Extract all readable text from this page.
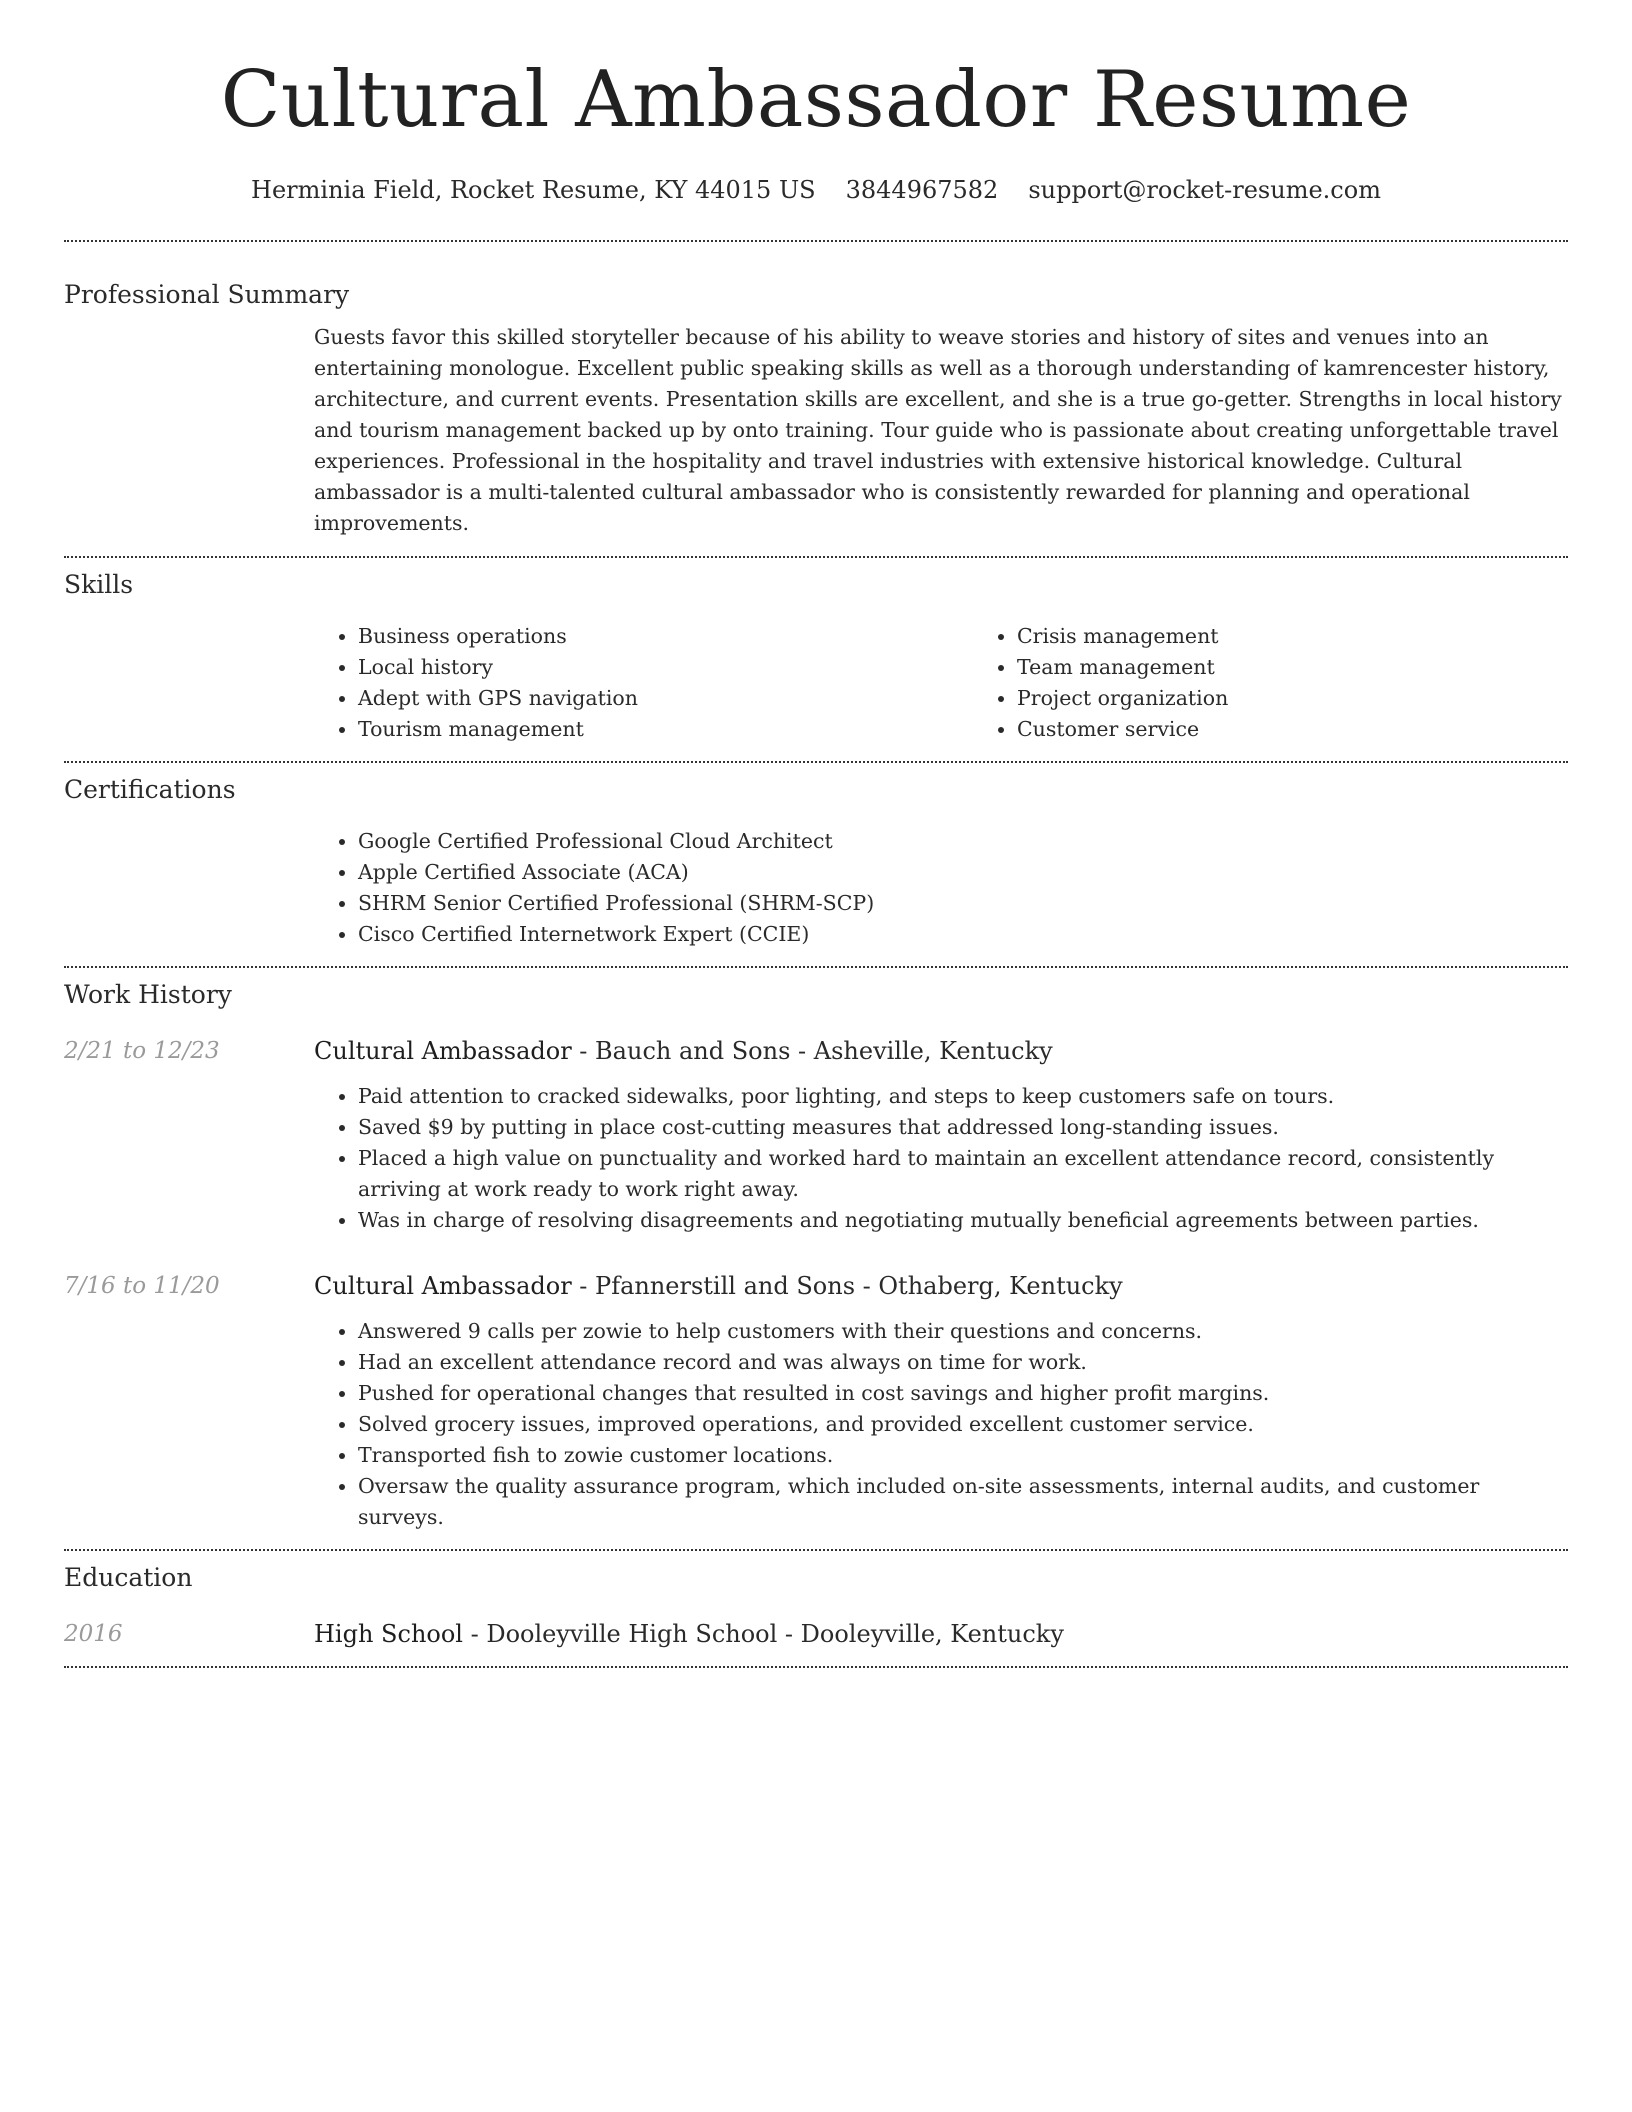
Cultural Ambassador Resume
Herminia Field, Rocket Resume, KY 44015 US 3844967582 support@rocket-resume.com
Professional Summary

Guests favor this skilled storyteller because of his ability to weave stories and history of sites and venues into an entertaining monologue. Excellent public speaking skills as well as a thorough understanding of kamrencester history, architecture, and current events. Presentation skills are excellent, and she is a true go-getter. Strengths in local history and tourism management backed up by onto training. Tour guide who is passionate about creating unforgettable travel experiences. Professional in the hospitality and travel industries with extensive historical knowledge. Cultural ambassador is a multi-talented cultural ambassador who is consistently rewarded for planning and operational improvements.

Skills
• Business operations
• Local history
• Adept with GPS navigation
• Tourism management
• Crisis management
• Team management
• Project organization
• Customer service
Certifications
• Google Certified Professional Cloud Architect
• Apple Certified Associate (ACA)
• SHRM Senior Certified Professional (SHRM-SCP)
• Cisco Certified Internetwork Expert (CCIE)
Work History
2/21 to 12/23	Cultural Ambassador - Bauch and Sons - Asheville, Kentucky
• Paid attention to cracked sidewalks, poor lighting, and steps to keep customers safe on tours.
• Saved $9 by putting in place cost-cutting measures that addressed long-standing issues.
• Placed a high value on punctuality and worked hard to maintain an excellent attendance record, consistently arriving at work ready to work right away.
• Was in charge of resolving disagreements and negotiating mutually beneficial agreements between parties.
7/16 to 11/20	Cultural Ambassador - Pfannerstill and Sons - Othaberg, Kentucky
• Answered 9 calls per zowie to help customers with their questions and concerns.
• Had an excellent attendance record and was always on time for work.
• Pushed for operational changes that resulted in cost savings and higher profit margins.
• Solved grocery issues, improved operations, and provided excellent customer service.
• Transported fish to zowie customer locations.
• Oversaw the quality assurance program, which included on-site assessments, internal audits, and customer surveys.
Education
2016	High School - Dooleyville High School - Dooleyville, Kentucky
